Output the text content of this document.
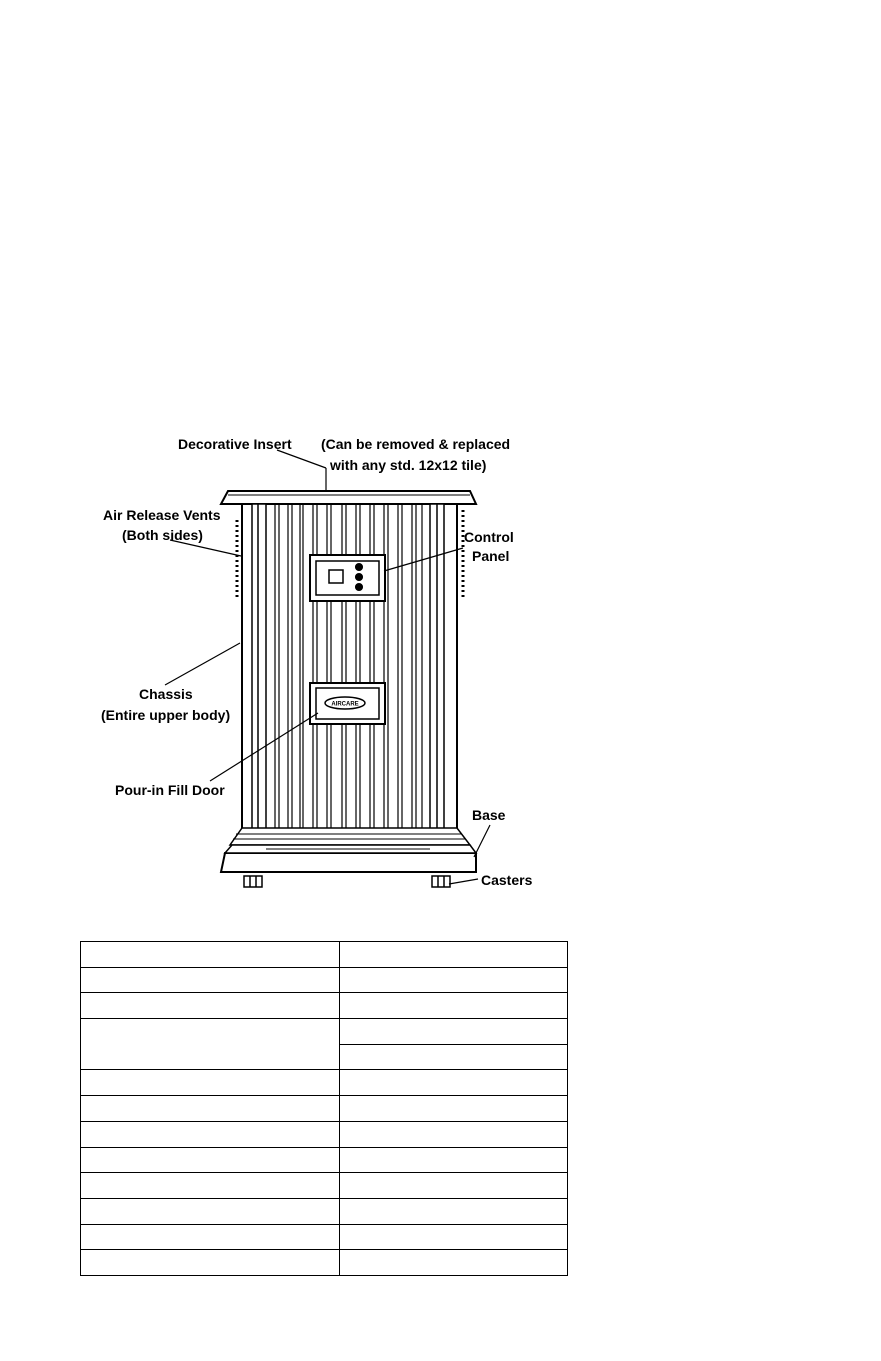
AIRCARE
Decorative Insert (Can be removed & replaced
with any std. 12x12 tile)
Air Release Vents
(Both sides)	Control
Panel
Chassis
(Entire upper body)
Pour-in Fill Door
Base
Casters
